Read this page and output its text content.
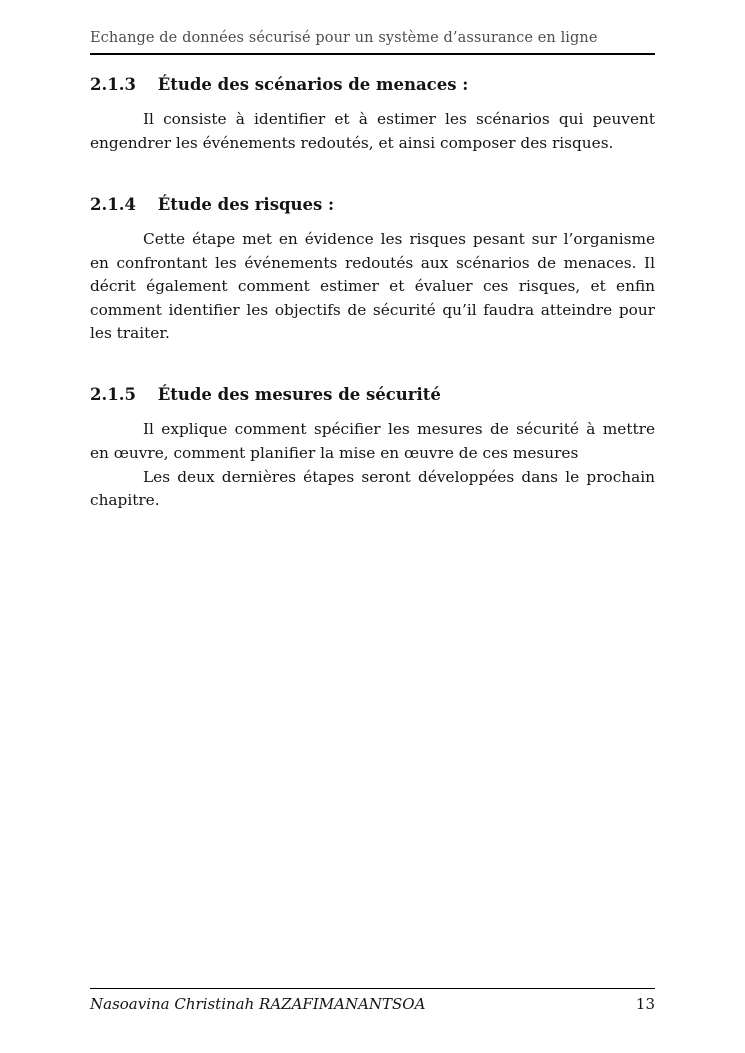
Echange de données sécurisé pour un système d’assurance en ligne
2.1.3 Étude des scénarios de menaces :

Il consiste à identifier et à estimer les scénarios qui peuvent engendrer les événements redoutés, et ainsi composer des risques.

2.1.4 Étude des risques :

Cette étape met en évidence les risques pesant sur l’organisme en confrontant les événements redoutés aux scénarios de menaces. Il décrit également comment estimer et évaluer ces risques, et enfin comment identifier les objectifs de sécurité qu’il faudra atteindre pour les traiter.

2.1.5 Étude des mesures de sécurité

Il explique comment spécifier les mesures de sécurité à mettre en œuvre, comment planifier la mise en œuvre de ces mesures

Les deux dernières étapes seront développées dans le prochain chapitre.

Nasoavina Christinah RAZAFIMANANTSOA	13
